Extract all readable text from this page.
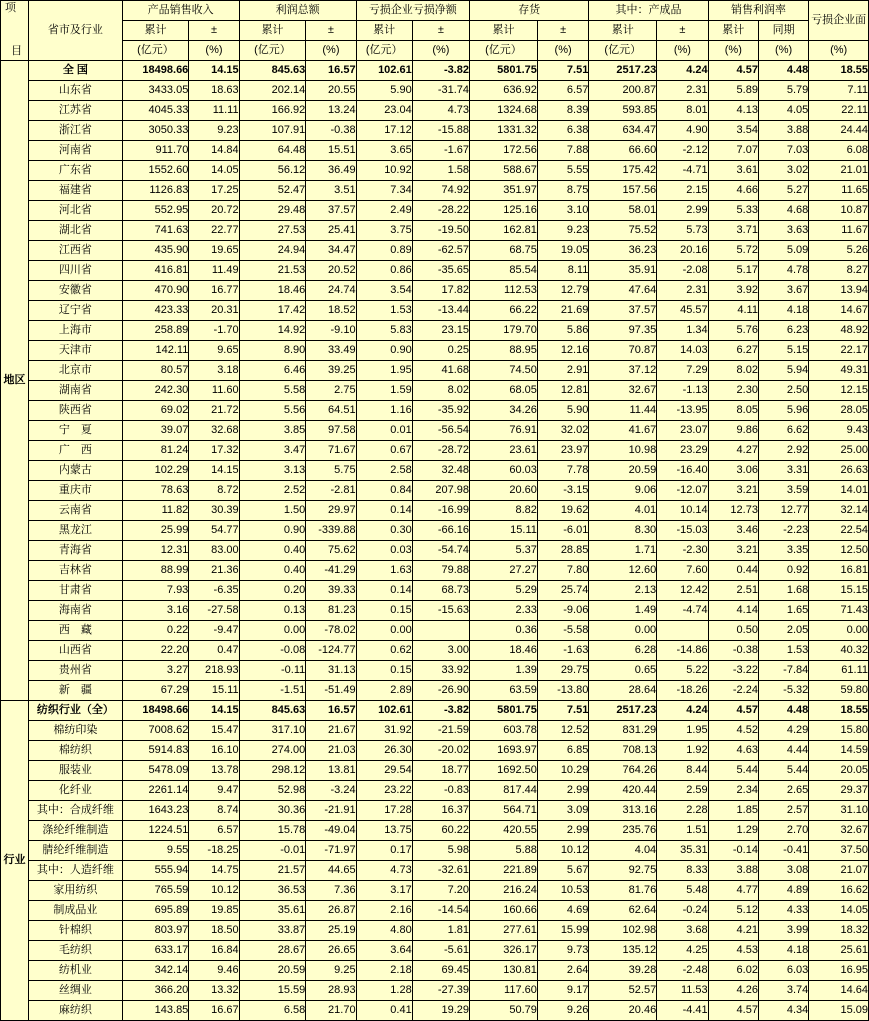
项
目	省市及行业	产品销售收入		利润总额		亏损企业亏损净额		存货		其中：产成品		销售利润率		亏损企业面
		累计	±	累计	±	累计	±	累计	±	累计	±	累计	同期	
		(亿元）	(%)	(亿元）	(%)	(亿元）	(%)	(亿元）	(%)	(亿元）	(%)	(%)	(%)	(%)
地区	全 国	18498.66	14.15	845.63	16.57	102.61	-3.82	5801.75	7.51	2517.23	4.24	4.57	4.48	18.55
	山东省	3433.05	18.63	202.14	20.55	5.90	-31.74	636.92	6.57	200.87	2.31	5.89	5.79	7.11
	江苏省	4045.33	11.11	166.92	13.24	23.04	4.73	1324.68	8.39	593.85	8.01	4.13	4.05	22.11
	浙江省	3050.33	9.23	107.91	-0.38	17.12	-15.88	1331.32	6.38	634.47	4.90	3.54	3.88	24.44
	河南省	911.70	14.84	64.48	15.51	3.65	-1.67	172.56	7.88	66.60	-2.12	7.07	7.03	6.08
	广东省	1552.60	14.05	56.12	36.49	10.92	1.58	588.67	5.55	175.42	-4.71	3.61	3.02	21.01
	福建省	1126.83	17.25	52.47	3.51	7.34	74.92	351.97	8.75	157.56	2.15	4.66	5.27	11.65
	河北省	552.95	20.72	29.48	37.57	2.49	-28.22	125.16	3.10	58.01	2.99	5.33	4.68	10.87
	湖北省	741.63	22.77	27.53	25.41	3.75	-19.50	162.81	9.23	75.52	5.73	3.71	3.63	11.67
	江西省	435.90	19.65	24.94	34.47	0.89	-62.57	68.75	19.05	36.23	20.16	5.72	5.09	5.26
	四川省	416.81	11.49	21.53	20.52	0.86	-35.65	85.54	8.11	35.91	-2.08	5.17	4.78	8.27
	安徽省	470.90	16.77	18.46	24.74	3.54	17.82	112.53	12.79	47.64	2.31	3.92	3.67	13.94
	辽宁省	423.33	20.31	17.42	18.52	1.53	-13.44	66.22	21.69	37.57	45.57	4.11	4.18	14.67
	上海市	258.89	-1.70	14.92	-9.10	5.83	23.15	179.70	5.86	97.35	1.34	5.76	6.23	48.92
	天津市	142.11	9.65	8.90	33.49	0.90	0.25	88.95	12.16	70.87	14.03	6.27	5.15	22.17
	北京市	80.57	3.18	6.46	39.25	1.95	41.68	74.50	2.91	37.12	7.29	8.02	5.94	49.31
	湖南省	242.30	11.60	5.58	2.75	1.59	8.02	68.05	12.81	32.67	-1.13	2.30	2.50	12.15
	陕西省	69.02	21.72	5.56	64.51	1.16	-35.92	34.26	5.90	11.44	-13.95	8.05	5.96	28.05
	宁　夏	39.07	32.68	3.85	97.58	0.01	-56.54	76.91	32.02	41.67	23.07	9.86	6.62	9.43
	广　西	81.24	17.32	3.47	71.67	0.67	-28.72	23.61	23.97	10.98	23.29	4.27	2.92	25.00
	内蒙古	102.29	14.15	3.13	5.75	2.58	32.48	60.03	7.78	20.59	-16.40	3.06	3.31	26.63
	重庆市	78.63	8.72	2.52	-2.81	0.84	207.98	20.60	-3.15	9.06	-12.07	3.21	3.59	14.01
	云南省	11.82	30.39	1.50	29.97	0.14	-16.99	8.82	19.62	4.01	10.14	12.73	12.77	32.14
	黑龙江	25.99	54.77	0.90	-339.88	0.30	-66.16	15.11	-6.01	8.30	-15.03	3.46	-2.23	22.54
	青海省	12.31	83.00	0.40	75.62	0.03	-54.74	5.37	28.85	1.71	-2.30	3.21	3.35	12.50
	吉林省	88.99	21.36	0.40	-41.29	1.63	79.88	27.27	7.80	12.60	7.60	0.44	0.92	16.81
	甘肃省	7.93	-6.35	0.20	39.33	0.14	68.73	5.29	25.74	2.13	12.42	2.51	1.68	15.15
	海南省	3.16	-27.58	0.13	81.23	0.15	-15.63	2.33	-9.06	1.49	-4.74	4.14	1.65	71.43
	西　藏	0.22	-9.47	0.00	-78.02	0.00		0.36	-5.58	0.00		0.50	2.05	0.00
	山西省	22.20	0.47	-0.08	-124.77	0.62	3.00	18.46	-1.63	6.28	-14.86	-0.38	1.53	40.32
	贵州省	3.27	218.93	-0.11	31.13	0.15	33.92	1.39	29.75	0.65	5.22	-3.22	-7.84	61.11
	新　疆	67.29	15.11	-1.51	-51.49	2.89	-26.90	63.59	-13.80	28.64	-18.26	-2.24	-5.32	59.80
行业	纺织行业（全）	18498.66	14.15	845.63	16.57	102.61	-3.82	5801.75	7.51	2517.23	4.24	4.57	4.48	18.55
	棉纺印染	7008.62	15.47	317.10	21.67	31.92	-21.59	603.78	12.52	831.29	1.95	4.52	4.29	15.80
	棉纺织	5914.83	16.10	274.00	21.03	26.30	-20.02	1693.97	6.85	708.13	1.92	4.63	4.44	14.59
	服装业	5478.09	13.78	298.12	13.81	29.54	18.77	1692.50	10.29	764.26	8.44	5.44	5.44	20.05
	化纤业	2261.14	9.47	52.98	-3.24	23.22	-0.83	817.44	2.99	420.44	2.59	2.34	2.65	29.37
	其中：合成纤维	1643.23	8.74	30.36	-21.91	17.28	16.37	564.71	3.09	313.16	2.28	1.85	2.57	31.10
	涤纶纤维制造	1224.51	6.57	15.78	-49.04	13.75	60.22	420.55	2.99	235.76	1.51	1.29	2.70	32.67
	腈纶纤维制造	9.55	-18.25	-0.01	-71.97	0.17	5.98	5.88	10.12	4.04	35.31	-0.14	-0.41	37.50
	其中：人造纤维	555.94	14.75	21.57	44.65	4.73	-32.61	221.89	5.67	92.75	8.33	3.88	3.08	21.07
	家用纺织	765.59	10.12	36.53	7.36	3.17	7.20	216.24	10.53	81.76	5.48	4.77	4.89	16.62
	制成品业	695.89	19.85	35.61	26.87	2.16	-14.54	160.66	4.69	62.64	-0.24	5.12	4.33	14.05
	针棉织	803.97	18.50	33.87	25.19	4.80	1.81	277.61	15.99	102.98	3.68	4.21	3.99	18.32
	毛纺织	633.17	16.84	28.67	26.65	3.64	-5.61	326.17	9.73	135.12	4.25	4.53	4.18	25.61
	纺机业	342.14	9.46	20.59	9.25	2.18	69.45	130.81	2.64	39.28	-2.48	6.02	6.03	16.95
	丝绸业	366.20	13.32	15.59	28.93	1.28	-27.39	117.60	9.17	52.57	11.53	4.26	3.74	14.64
	麻纺织	143.85	16.67	6.58	21.70	0.41	19.29	50.79	9.26	20.46	-4.41	4.57	4.34	15.09
